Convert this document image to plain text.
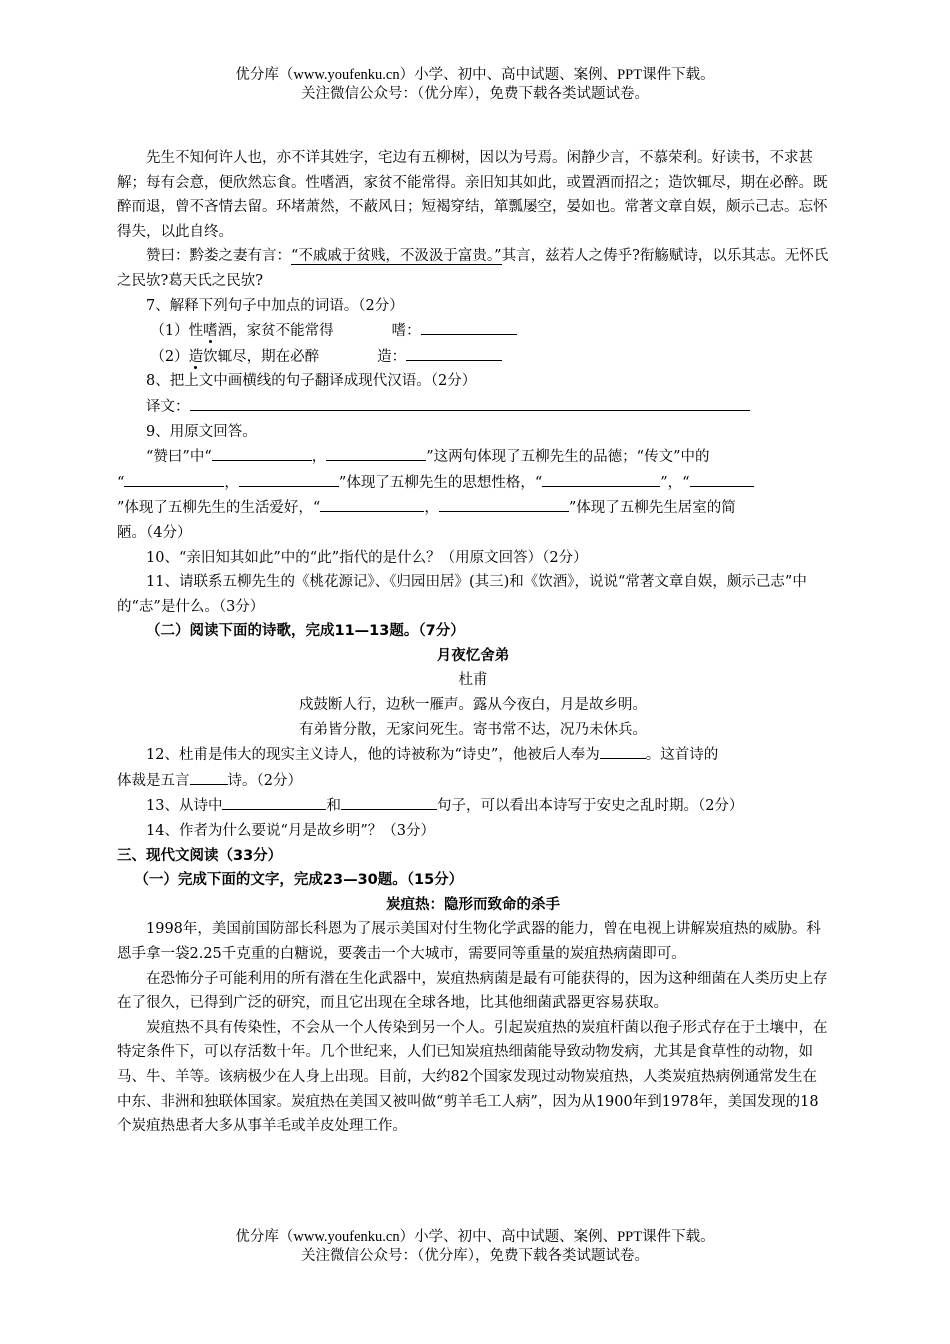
优分库（www.youfenku.cn）小学、初中、高中试题、案例、PPT课件下载。
关注微信公众号：（优分库），免费下载各类试题试卷。

先生不知何许人也，亦不详其姓字，宅边有五柳树，因以为号焉。闲静少言，不慕荣利。好读书，不求甚解；每有会意，便欣然忘食。性嗜酒，家贫不能常得。亲旧知其如此，或置酒而招之；造饮辄尽，期在必醉。既醉而退，曾不吝情去留。环堵萧然，不蔽风日；短褐穿结，箪瓢屡空，晏如也。常著文章自娱，颇示己志。忘怀得失，以此自终。

赞曰：黔娄之妻有言：“不戚戚于贫贱，不汲汲于富贵。”其言，兹若人之俦乎?衔觞赋诗，以乐其志。无怀氏之民欤?葛天氏之民欤?

7、解释下列句子中加点的词语。（2分）

（1）性嗜酒，家贫不能常得	嗜：

（2）造饮辄尽，期在必醉	造：

8、把上文中画横线的句子翻译成现代汉语。（2分）

译文：

9、用原文回答。

“赞曰”中“	，	”这两句体现了五柳先生的品德；“传文”中的

“	，	”体现了五柳先生的思想性格，“	”，“

”体现了五柳先生的生活爱好，“	，	”体现了五柳先生居室的简

陋。（4分）

10、“亲旧知其如此”中的“此”指代的是什么？（用原文回答）（2分）

11、请联系五柳先生的《桃花源记》、《归园田居》(其三)和《饮酒》，说说“常著文章自娱，颇示己志”中的“志”是什么。（3分）

（二）阅读下面的诗歌，完成11—13题。（7分）

月夜忆舍弟

杜甫

戍鼓断人行，边秋一雁声。露从今夜白，月是故乡明。

有弟皆分散，无家问死生。寄书常不达，况乃未休兵。

12、杜甫是伟大的现实主义诗人，他的诗被称为“诗史”，他被后人奉为	。这首诗的

体裁是五言	诗。（2分）

13、从诗中	和	句子，可以看出本诗写于安史之乱时期。（2分）

14、作者为什么要说“月是故乡明”？（3分）

三、现代文阅读（33分）

（一）完成下面的文字，完成23—30题。（15分）

炭疽热：隐形而致命的杀手

1998年，美国前国防部长科恩为了展示美国对付生物化学武器的能力，曾在电视上讲解炭疽热的威胁。科恩手拿一袋2.25千克重的白糖说，要袭击一个大城市，需要同等重量的炭疽热病菌即可。

在恐怖分子可能利用的所有潜在生化武器中，炭疽热病菌是最有可能获得的，因为这种细菌在人类历史上存在了很久，已得到广泛的研究，而且它出现在全球各地，比其他细菌武器更容易获取。

炭疽热不具有传染性，不会从一个人传染到另一个人。引起炭疽热的炭疽杆菌以孢子形式存在于土壤中，在特定条件下，可以存活数十年。几个世纪来，人们已知炭疽热细菌能导致动物发病，尤其是食草性的动物，如马、牛、羊等。该病极少在人身上出现。目前，大约82个国家发现过动物炭疽热，人类炭疽热病例通常发生在中东、非洲和独联体国家。炭疽热在美国又被叫做“剪羊毛工人病”，因为从1900年到1978年，美国发现的18个炭疽热患者大多从事羊毛或羊皮处理工作。

优分库（www.youfenku.cn）小学、初中、高中试题、案例、PPT课件下载。
关注微信公众号：（优分库），免费下载各类试题试卷。
